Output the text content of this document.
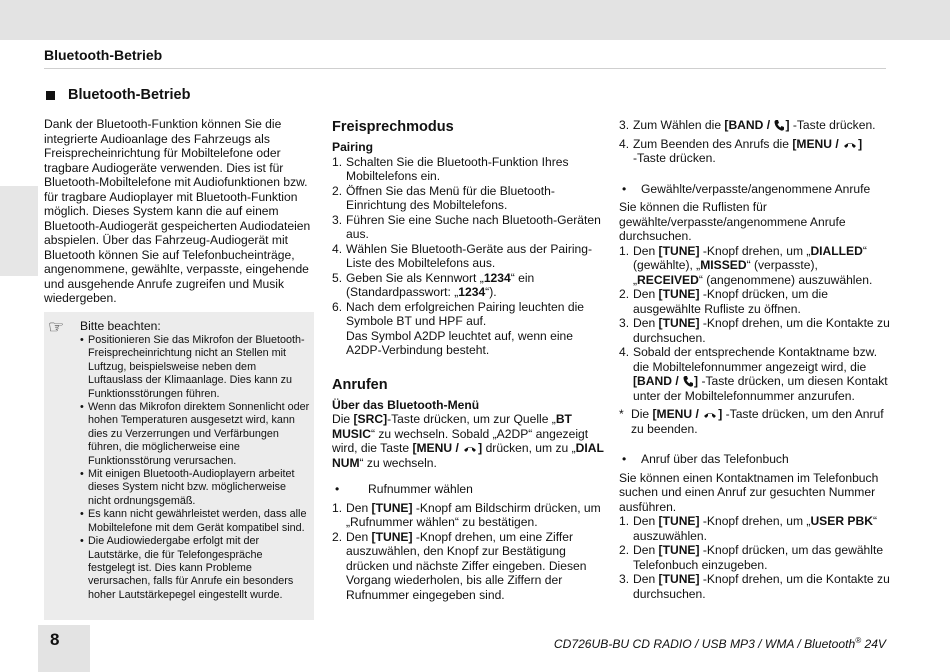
Bluetooth-Betrieb
Bluetooth-Betrieb

Dank der Bluetooth-Funktion können Sie die integrierte Audioanlage des Fahrzeugs als Freisprecheinrichtung für Mobiltelefone oder tragbare Audiogeräte verwenden. Dies ist für Bluetooth-Mobiltelefone mit Audiofunktionen bzw. für tragbare Audioplayer mit Bluetooth-Funktion möglich. Dieses System kann die auf einem Bluetooth-Audiogerät gespeicherten Audiodateien abspielen. Über das Fahrzeug-Audiogerät mit Bluetooth können Sie auf Telefonbucheinträge, angenommene, gewählte, verpasste, eingehende und ausgehende Anrufe zugreifen und Musik wiedergeben.

☞ Bitte beachten:
• Positionieren Sie das Mikrofon der Bluetooth-Freisprecheinrichtung nicht an Stellen mit Luftzug, beispielsweise neben dem Luftauslass der Klimaanlage. Dies kann zu Funktionsstörungen führen.
• Wenn das Mikrofon direktem Sonnenlicht oder hohen Temperaturen ausgesetzt wird, kann dies zu Verzerrungen und Verfärbungen führen, die möglicherweise eine Funktionsstörung verursachen.
• Mit einigen Bluetooth-Audioplayern arbeitet dieses System nicht bzw. möglicherweise nicht ordnungsgemäß.
• Es kann nicht gewährleistet werden, dass alle Mobiltelefone mit dem Gerät kompatibel sind.
• Die Audiowiedergabe erfolgt mit der Lautstärke, die für Telefongespräche festgelegt ist. Dies kann Probleme verursachen, falls für Anrufe ein besonders hoher Lautstärkepegel eingestellt wurde.
Freisprechmodus
Pairing
1. Schalten Sie die Bluetooth-Funktion Ihres Mobiltelefons ein.
2. Öffnen Sie das Menü für die Bluetooth-Einrichtung des Mobiltelefons.
3. Führen Sie eine Suche nach Bluetooth-Geräten aus.
4. Wählen Sie Bluetooth-Geräte aus der Pairing-Liste des Mobiltelefons aus.
5. Geben Sie als Kennwort „1234“ ein (Standardpasswort: „1234“).
6. Nach dem erfolgreichen Pairing leuchten die Symbole BT und HPF auf.
Das Symbol A2DP leuchtet auf, wenn eine A2DP-Verbindung besteht.
Anrufen
Über das Bluetooth-Menü

Die [SRC]-Taste drücken, um zur Quelle „BT MUSIC“ zu wechseln. Sobald „A2DP“ angezeigt wird, die Taste [MENU / ] drücken, um zu „DIAL NUM“ zu wechseln.

•	Rufnummer wählen
1. Den [TUNE] -Knopf am Bildschirm drücken, um „Rufnummer wählen“ zu bestätigen.
2. Den [TUNE] -Knopf drehen, um eine Ziffer auszuwählen, den Knopf zur Bestätigung drücken und nächste Ziffer eingeben. Diesen Vorgang wiederholen, bis alle Ziffern der Rufnummer eingegeben sind.
3. Zum Wählen die [BAND / ] -Taste drücken.
4. Zum Beenden des Anrufs die [MENU / ]
-Taste drücken.
•	Gewählte/verpasste/angenommene Anrufe

Sie können die Ruflisten für gewählte/verpasste/angenommene Anrufe durchsuchen.

1. Den [TUNE] -Knopf drehen, um „DIALLED“ (gewählte), „MISSED“ (verpasste), „RECEIVED“ (angenommene) auszuwählen.
2. Den [TUNE] -Knopf drücken, um die ausgewählte Rufliste zu öffnen.
3. Den [TUNE] -Knopf drehen, um die Kontakte zu durchsuchen.
4. Sobald der entsprechende Kontaktname bzw. die Mobiltelefonnummer angezeigt wird, die [BAND / ] -Taste drücken, um diesen Kontakt unter der Mobiltelefonnummer anzurufen.
* Die [MENU / ] -Taste drücken, um den Anruf zu beenden.
•	Anruf über das Telefonbuch

Sie können einen Kontaktnamen im Telefonbuch suchen und einen Anruf zur gesuchten Nummer ausführen.

1. Den [TUNE] -Knopf drehen, um „USER PBK“ auszuwählen.
2. Den [TUNE] -Knopf drücken, um das gewählte Telefonbuch einzugeben.
3. Den [TUNE] -Knopf drehen, um die Kontakte zu durchsuchen.
8	CD726UB-BU CD RADIO / USB MP3 / WMA / Bluetooth® 24V
